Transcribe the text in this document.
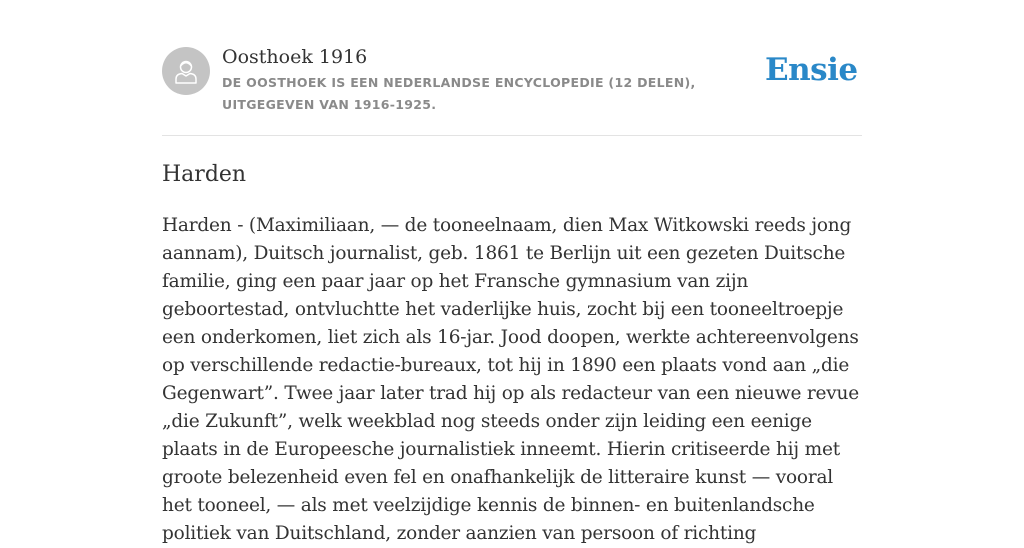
Oosthoek 1916
DE OOSTHOEK IS EEN NEDERLANDSE ENCYCLOPEDIE (12 DELEN), UITGEGEVEN VAN 1916-1925.
Ensie
Harden

Harden - (Maximiliaan, — de tooneelnaam, dien Max Witkowski reeds jong aannam), Duitsch journalist, geb. 1861 te Berlijn uit een gezeten Duitsche familie, ging een paar jaar op het Fransche gymnasium van zijn geboortestad, ontvluchtte het vaderlijke huis, zocht bij een tooneeltroepje een onderkomen, liet zich als 16-jar. Jood doopen, werkte achtereenvolgens op verschillende redactie-bureaux, tot hij in 1890 een plaats vond aan „die Gegenwart”. Twee jaar later trad hij op als redacteur van een nieuwe revue „die Zukunft”, welk weekblad nog steeds onder zijn leiding een eenige plaats in de Europeesche journalistiek inneemt. Hierin critiseerde hij met groote belezenheid even fel en onafhankelijk de litteraire kunst — vooral het tooneel, — als met veelzijdige kennis de binnen- en buitenlandsche politiek van Duitschland, zonder aanzien van persoon of richting
